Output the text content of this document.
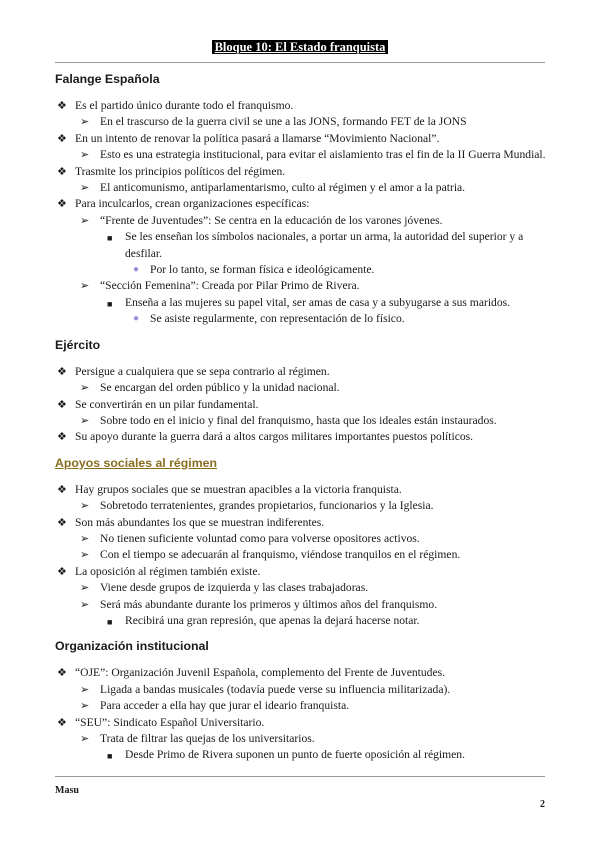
Bloque 10: El Estado franquista
Falange Española
❖ Es el partido único durante todo el franquismo.
➢ En el trascurso de la guerra civil se une a las JONS, formando FET de la JONS
❖ En un intento de renovar la política pasará a llamarse “Movimiento Nacional”.
➢ Esto es una estrategia institucional, para evitar el aislamiento tras el fin de la II Guerra Mundial.
❖ Trasmite los principios políticos del régimen.
➢ El anticomunismo, antiparlamentarismo, culto al régimen y el amor a la patria.
❖ Para inculcarlos, crean organizaciones específicas:
➢ “Frente de Juventudes”: Se centra en la educación de los varones jóvenes.
■ Se les enseñan los símbolos nacionales, a portar un arma, la autoridad del superior y a desfilar.
● Por lo tanto, se forman física e ideológicamente.
➢ “Sección Femenina”: Creada por Pilar Primo de Rivera.
■ Enseña a las mujeres su papel vital, ser amas de casa y a subyugarse a sus maridos.
● Se asiste regularmente, con representación de lo físico.
Ejército
❖ Persigue a cualquiera que se sepa contrario al régimen.
➢ Se encargan del orden público y la unidad nacional.
❖ Se convertirán en un pilar fundamental.
➢ Sobre todo en el inicio y final del franquismo, hasta que los ideales están instaurados.
❖ Su apoyo durante la guerra dará a altos cargos militares importantes puestos políticos.
Apoyos sociales al régimen
❖ Hay grupos sociales que se muestran apacibles a la victoria franquista.
➢ Sobretodo terratenientes, grandes propietarios, funcionarios y la Iglesia.
❖ Son más abundantes los que se muestran indiferentes.
➢ No tienen suficiente voluntad como para volverse opositores activos.
➢ Con el tiempo se adecuarán al franquismo, viéndose tranquilos en el régimen.
❖ La oposición al régimen también existe.
➢ Viene desde grupos de izquierda y las clases trabajadoras.
➢ Será más abundante durante los primeros y últimos años del franquismo.
■ Recibirá una gran represión, que apenas la dejará hacerse notar.
Organización institucional
❖ “OJE”: Organización Juvenil Española, complemento del Frente de Juventudes.
➢ Ligada a bandas musicales (todavía puede verse su influencia militarizada).
➢ Para acceder a ella hay que jurar el ideario franquista.
❖ “SEU”: Sindicato Español Universitario.
➢ Trata de filtrar las quejas de los universitarios.
■ Desde Primo de Rivera suponen un punto de fuerte oposición al régimen.
Masu
2
